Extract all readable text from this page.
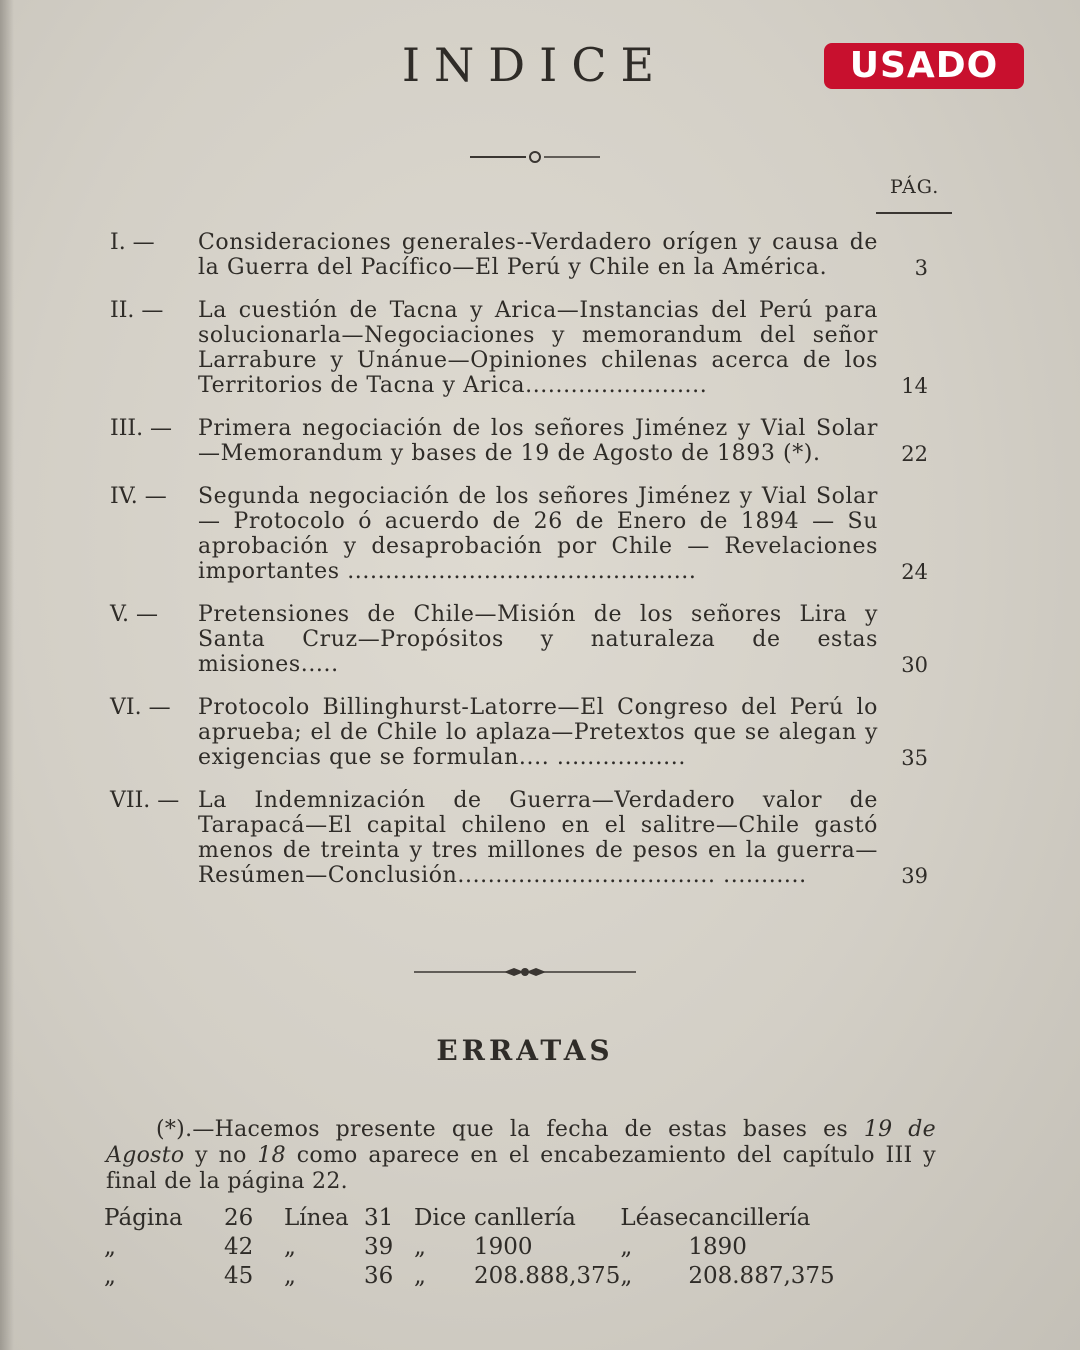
INDICE	USADO
PÁG.
I. — Consideraciones generales--Verdadero orígen y causa de la Guerra del Pacífico—El Perú y Chile en la América.	3
II. — La cuestión de Tacna y Arica—Instancias del Perú para solucionarla—Negociaciones y memorandum del señor Larrabure y Unánue—Opiniones chilenas acerca de los Territorios de Tacna y Arica........................	14
III. — Primera negociación de los señores Jiménez y Vial Solar—Memorandum y bases de 19 de Agosto de 1893 (*).	22
IV. — Segunda negociación de los señores Jiménez y Vial Solar — Protocolo ó acuerdo de 26 de Enero de 1894 — Su aprobación y desaprobación por Chile — Revelaciones importantes ..............................................	24
V. — Pretensiones de Chile—Misión de los señores Lira y Santa Cruz—Propósitos y naturaleza de estas misiones.....	30
VI. — Protocolo Billinghurst-Latorre—El Congreso del Perú lo aprueba; el de Chile lo aplaza—Pretextos que se alegan y exigencias que se formulan.... .................	35
VII. — La Indemnización de Guerra—Verdadero valor de Tarapacá—El capital chileno en el salitre—Chile gastó menos de treinta y tres millones de pesos en la guerra—Resúmen—Conclusión.................................. ...........	39
ERRATAS

(*).—Hacemos presente que la fecha de estas bases es 19 de Agosto y no 18 como aparece en el encabezamiento del capítulo III y final de la página 22.

Página	26	Línea	31	Dice	canllería	Léase	cancillería
„	42	„	39	„	1900	„	1890
„	45	„	36	„	208.888,375	„	208.887,375
